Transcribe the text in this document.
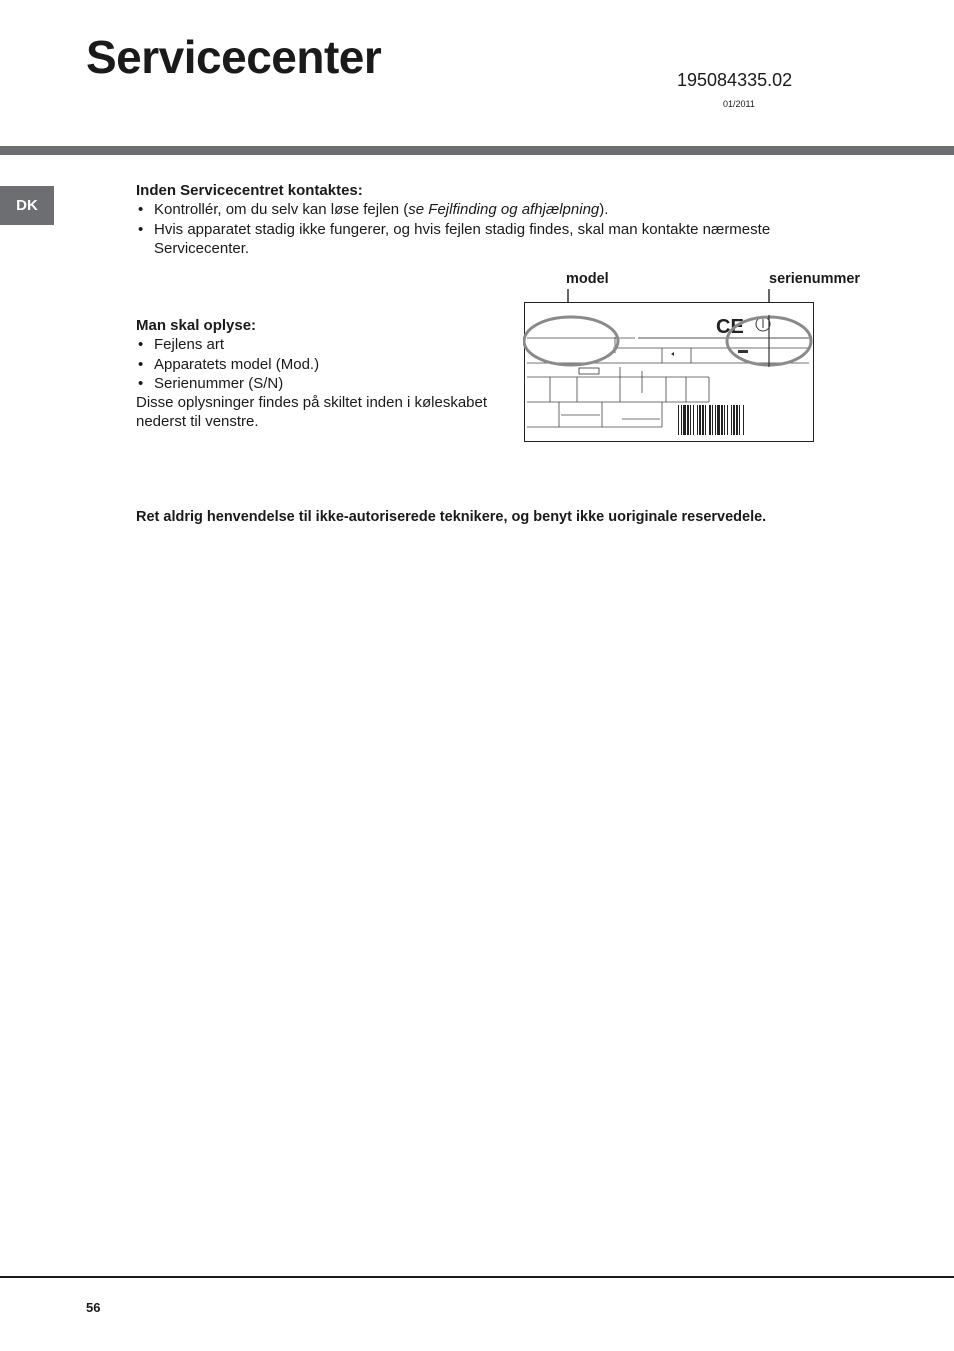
Servicecenter	195084335.02
01/2011
DK
Inden Servicecentret kontaktes:
• Kontrollér, om du selv kan løse fejlen (se Fejlfinding og afhjælpning).
• Hvis apparatet stadig ikke fungerer, og hvis fejlen stadig findes, skal man kontakte nærmeste
Servicecenter.
Man skal oplyse:
• Fejlens art
• Apparatets model (Mod.)
• Serienummer (S/N)
Disse oplysninger findes på skiltet inden i køleskabet
nederst til venstre.
model	serienummer
CE
Ret aldrig henvendelse til ikke-autoriserede teknikere, og benyt ikke uoriginale reservedele.
56
